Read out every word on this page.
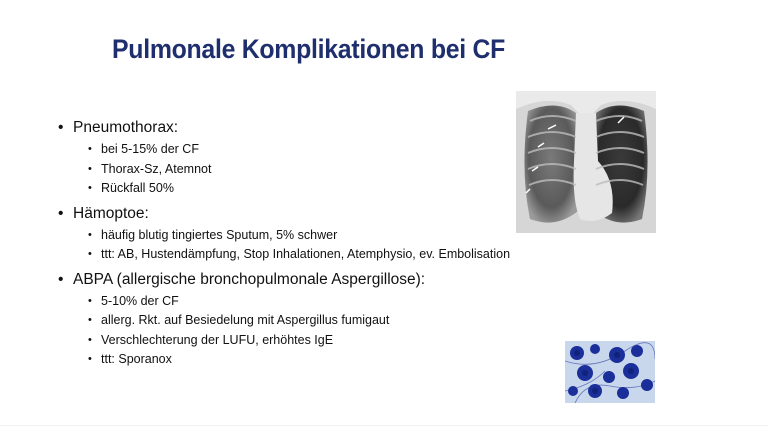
Pulmonale Komplikationen bei CF
• Pneumothorax:
• bei 5-15% der CF
• Thorax-Sz, Atemnot
• Rückfall 50%
• Hämoptoe:
• häufig blutig tingiertes Sputum, 5% schwer
• ttt: AB, Hustendämpfung, Stop Inhalationen, Atemphysio, ev. Embolisation
• ABPA (allergische bronchopulmonale Aspergillose):
• 5-10% der CF
• allerg. Rkt. auf Besiedelung mit Aspergillus fumigaut
• Verschlechterung der LUFU, erhöhtes IgE
• ttt: Sporanox
